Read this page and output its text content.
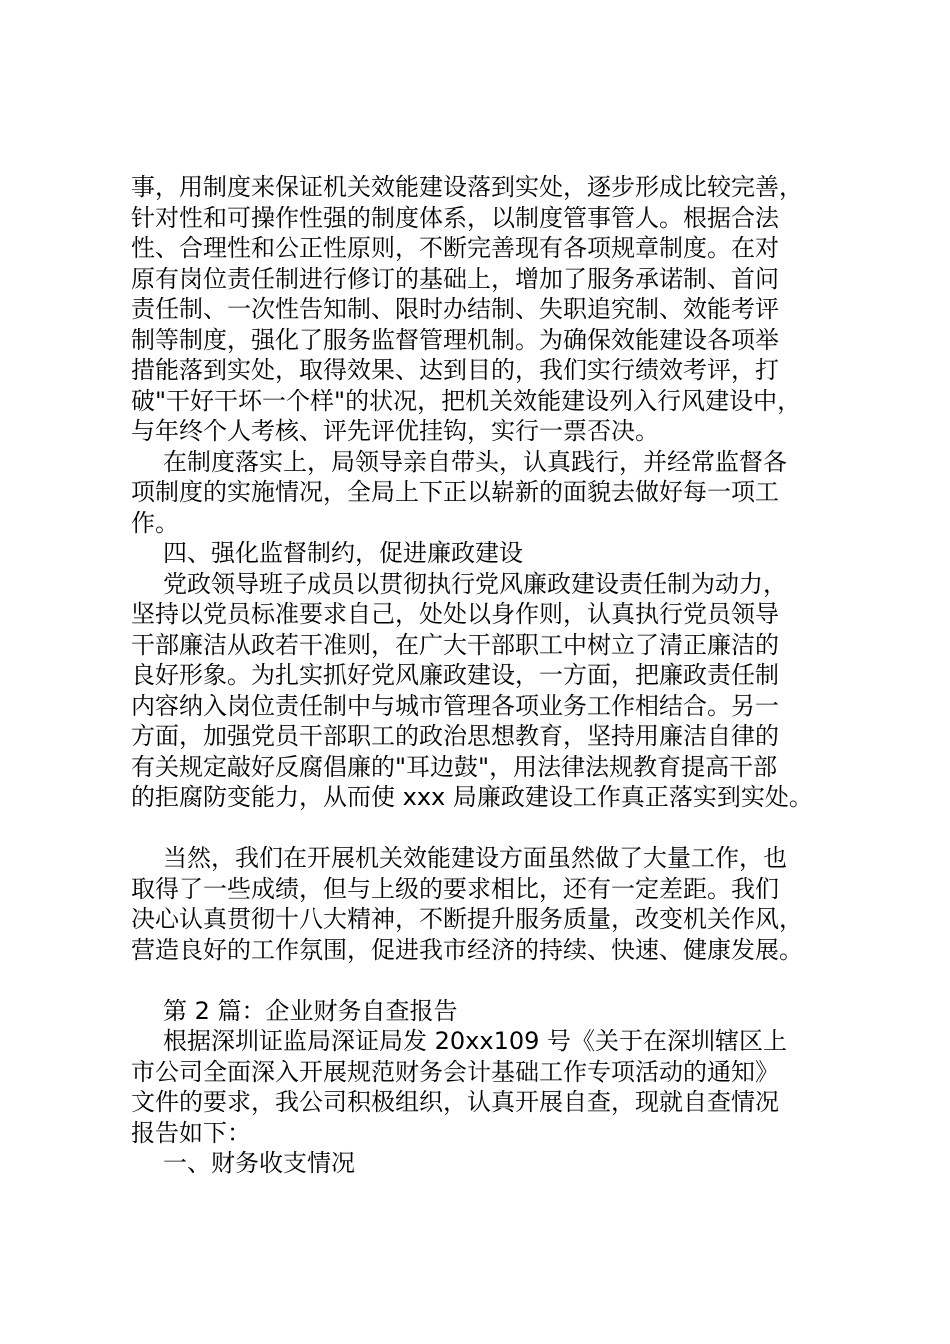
事，用制度来保证机关效能建设落到实处，逐步形成比较完善，
针对性和可操作性强的制度体系，以制度管事管人。根据合法
性、合理性和公正性原则，不断完善现有各项规章制度。在对
原有岗位责任制进行修订的基础上，增加了服务承诺制、首问
责任制、一次性告知制、限时办结制、失职追究制、效能考评
制等制度，强化了服务监督管理机制。为确保效能建设各项举
措能落到实处，取得效果、达到目的，我们实行绩效考评，打
破"干好干坏一个样"的状况，把机关效能建设列入行风建设中，
与年终个人考核、评先评优挂钩，实行一票否决。
在制度落实上，局领导亲自带头，认真践行，并经常监督各
项制度的实施情况，全局上下正以崭新的面貌去做好每一项工
作。
四、强化监督制约，促进廉政建设
党政领导班子成员以贯彻执行党风廉政建设责任制为动力，
坚持以党员标准要求自己，处处以身作则，认真执行党员领导
干部廉洁从政若干准则，在广大干部职工中树立了清正廉洁的
良好形象。为扎实抓好党风廉政建设，一方面，把廉政责任制
内容纳入岗位责任制中与城市管理各项业务工作相结合。另一
方面，加强党员干部职工的政治思想教育，坚持用廉洁自律的
有关规定敲好反腐倡廉的"耳边鼓"，用法律法规教育提高干部
的拒腐防变能力，从而使 xxx 局廉政建设工作真正落实到实处。
当然，我们在开展机关效能建设方面虽然做了大量工作，也
取得了一些成绩，但与上级的要求相比，还有一定差距。我们
决心认真贯彻十八大精神，不断提升服务质量，改变机关作风，
营造良好的工作氛围，促进我市经济的持续、快速、健康发展。
第 2 篇：企业财务自查报告
根据深圳证监局深证局发 20xx109 号《关于在深圳辖区上
市公司全面深入开展规范财务会计基础工作专项活动的通知》
文件的要求，我公司积极组织，认真开展自查，现就自查情况
报告如下：
一、财务收支情况
